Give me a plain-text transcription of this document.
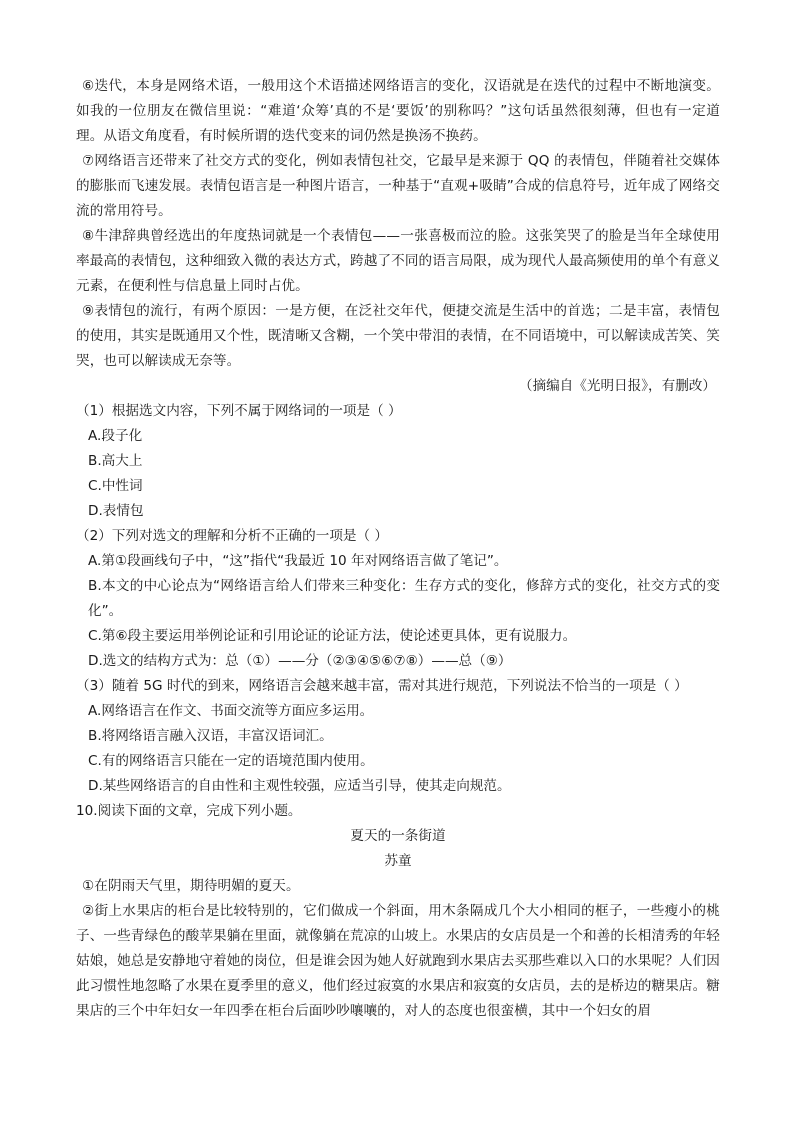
⑥迭代，本身是网络术语，一般用这个术语描述网络语言的变化，汉语就是在迭代的过程中不断地演变。如我的一位朋友在微信里说：“难道‘众筹’真的不是‘要饭’的别称吗？”这句话虽然很刻薄，但也有一定道理。从语文角度看，有时候所谓的迭代变来的词仍然是换汤不换药。

⑦网络语言还带来了社交方式的变化，例如表情包社交，它最早是来源于 QQ 的表情包，伴随着社交媒体的膨胀而飞速发展。表情包语言是一种图片语言，一种基于“直观+吸睛”合成的信息符号，近年成了网络交流的常用符号。

⑧牛津辞典曾经选出的年度热词就是一个表情包——一张喜极而泣的脸。这张笑哭了的脸是当年全球使用率最高的表情包，这种细致入微的表达方式，跨越了不同的语言局限，成为现代人最高频使用的单个有意义元素，在便利性与信息量上同时占优。

⑨表情包的流行，有两个原因：一是方便，在泛社交年代，便捷交流是生活中的首选；二是丰富，表情包的使用，其实是既通用又个性，既清晰又含糊，一个笑中带泪的表情，在不同语境中，可以解读成苦笑、笑哭，也可以解读成无奈等。

（摘编自《光明日报》，有删改）

（1）根据选文内容，下列不属于网络词的一项是（ ）

A.段子化

B.高大上

C.中性词

D.表情包

（2）下列对选文的理解和分析不正确的一项是（ ）

A.第①段画线句子中，“这”指代“我最近 10 年对网络语言做了笔记”。

B.本文的中心论点为“网络语言给人们带来三种变化：生存方式的变化，修辞方式的变化，社交方式的变化”。

C.第⑥段主要运用举例论证和引用论证的论证方法，使论述更具体，更有说服力。

D.选文的结构方式为：总（①）——分（②③④⑤⑥⑦⑧）——总（⑨）

（3）随着 5G 时代的到来，网络语言会越来越丰富，需对其进行规范，下列说法不恰当的一项是（ ）

A.网络语言在作文、书面交流等方面应多运用。

B.将网络语言融入汉语，丰富汉语词汇。

C.有的网络语言只能在一定的语境范围内使用。

D.某些网络语言的自由性和主观性较强，应适当引导，使其走向规范。

10.阅读下面的文章，完成下列小题。

夏天的一条街道

苏童

①在阴雨天气里，期待明媚的夏天。

②街上水果店的柜台是比较特别的，它们做成一个斜面，用木条隔成几个大小相同的框子，一些瘦小的桃子、一些青绿色的酸苹果躺在里面，就像躺在荒凉的山坡上。水果店的女店员是一个和善的长相清秀的年轻姑娘，她总是安静地守着她的岗位，但是谁会因为她人好就跑到水果店去买那些难以入口的水果呢？人们因此习惯性地忽略了水果在夏季里的意义，他们经过寂寞的水果店和寂寞的女店员，去的是桥边的糖果店。糖果店的三个中年妇女一年四季在柜台后面吵吵嚷嚷的，对人的态度也很蛮横，其中一个妇女的眉
